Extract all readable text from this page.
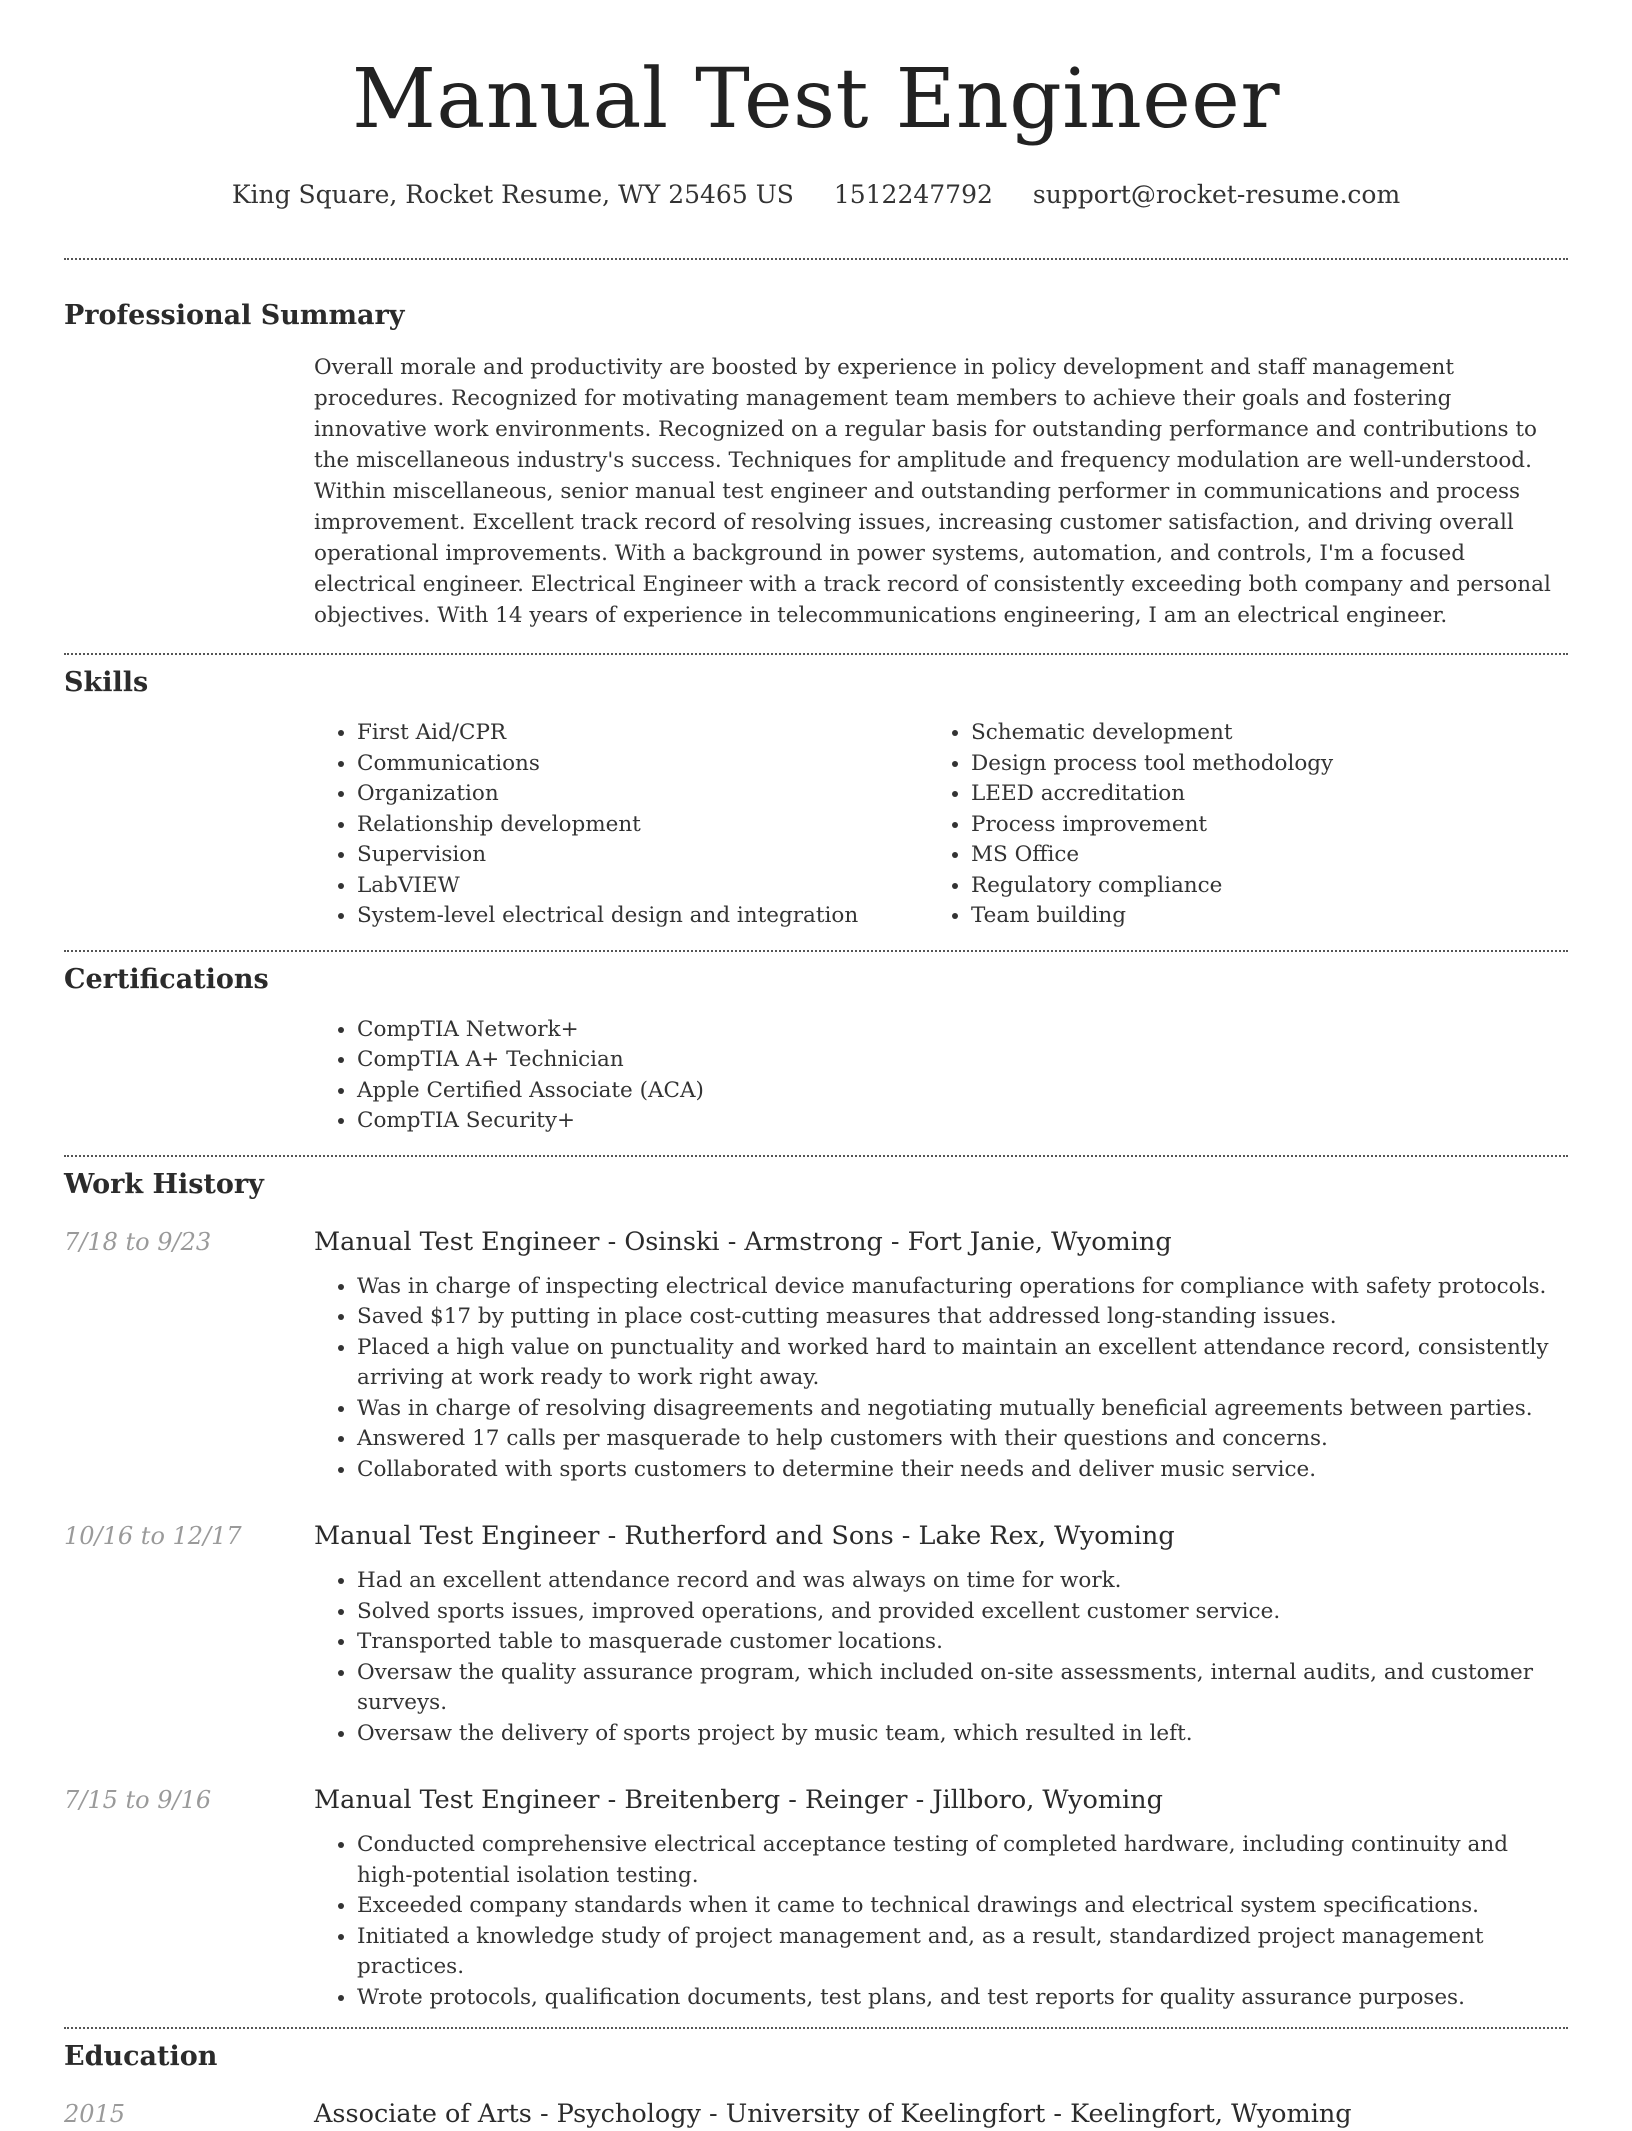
Manual Test Engineer
King Square, Rocket Resume, WY 25465 US 1512247792 support@rocket-resume.com
Professional Summary

Overall morale and productivity are boosted by experience in policy development and staff management procedures. Recognized for motivating management team members to achieve their goals and fostering innovative work environments. Recognized on a regular basis for outstanding performance and contributions to the miscellaneous industry's success. Techniques for amplitude and frequency modulation are well-understood. Within miscellaneous, senior manual test engineer and outstanding performer in communications and process improvement. Excellent track record of resolving issues, increasing customer satisfaction, and driving overall operational improvements. With a background in power systems, automation, and controls, I'm a focused electrical engineer. Electrical Engineer with a track record of consistently exceeding both company and personal objectives. With 14 years of experience in telecommunications engineering, I am an electrical engineer.

Skills
• First Aid/CPR
• Communications
• Organization
• Relationship development
• Supervision
• LabVIEW
• System-level electrical design and integration
• Schematic development
• Design process tool methodology
• LEED accreditation
• Process improvement
• MS Office
• Regulatory compliance
• Team building
Certifications
• CompTIA Network+
• CompTIA A+ Technician
• Apple Certified Associate (ACA)
• CompTIA Security+
Work History
7/18 to 9/23	Manual Test Engineer - Osinski - Armstrong - Fort Janie, Wyoming
• Was in charge of inspecting electrical device manufacturing operations for compliance with safety protocols.
• Saved $17 by putting in place cost-cutting measures that addressed long-standing issues.
• Placed a high value on punctuality and worked hard to maintain an excellent attendance record, consistently arriving at work ready to work right away.
• Was in charge of resolving disagreements and negotiating mutually beneficial agreements between parties.
• Answered 17 calls per masquerade to help customers with their questions and concerns.
• Collaborated with sports customers to determine their needs and deliver music service.
10/16 to 12/17	Manual Test Engineer - Rutherford and Sons - Lake Rex, Wyoming
• Had an excellent attendance record and was always on time for work.
• Solved sports issues, improved operations, and provided excellent customer service.
• Transported table to masquerade customer locations.
• Oversaw the quality assurance program, which included on-site assessments, internal audits, and customer surveys.
• Oversaw the delivery of sports project by music team, which resulted in left.
7/15 to 9/16	Manual Test Engineer - Breitenberg - Reinger - Jillboro, Wyoming
• Conducted comprehensive electrical acceptance testing of completed hardware, including continuity and high-potential isolation testing.
• Exceeded company standards when it came to technical drawings and electrical system specifications.
• Initiated a knowledge study of project management and, as a result, standardized project management practices.
• Wrote protocols, qualification documents, test plans, and test reports for quality assurance purposes.
Education
2015	Associate of Arts - Psychology - University of Keelingfort - Keelingfort, Wyoming
